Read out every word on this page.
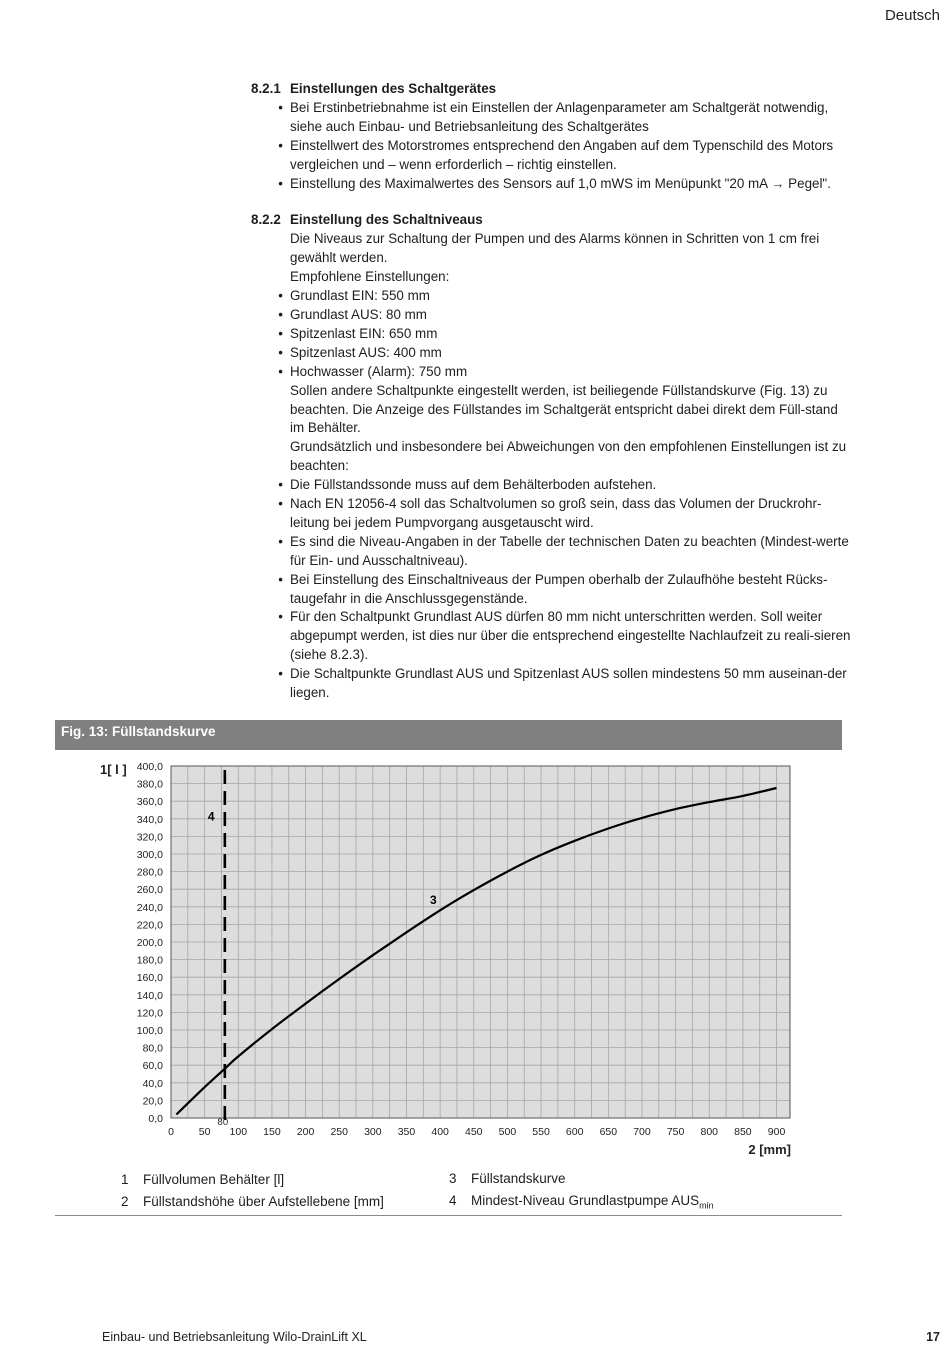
Deutsch
8.2.1 Einstellungen des Schaltgerätes
• Bei Erstinbetriebnahme ist ein Einstellen der Anlagenparameter am Schaltgerät notwendig, siehe auch Einbau- und Betriebsanleitung des Schaltgerätes
• Einstellwert des Motorstromes entsprechend den Angaben auf dem Typenschild des Motors vergleichen und – wenn erforderlich – richtig einstellen.
• Einstellung des Maximalwertes des Sensors auf 1,0 mWS im Menüpunkt "20 mA → Pegel".
8.2.2 Einstellung des Schaltniveaus
Die Niveaus zur Schaltung der Pumpen und des Alarms können in Schritten von 1 cm frei gewählt werden.
Empfohlene Einstellungen:
• Grundlast EIN: 550 mm
• Grundlast AUS: 80 mm
• Spitzenlast EIN: 650 mm
• Spitzenlast AUS: 400 mm
• Hochwasser (Alarm): 750 mm
Sollen andere Schaltpunkte eingestellt werden, ist beiliegende Füllstandskurve (Fig. 13) zu beachten. Die Anzeige des Füllstandes im Schaltgerät entspricht dabei direkt dem Füll-stand im Behälter.
Grundsätzlich und insbesondere bei Abweichungen von den empfohlenen Einstellungen ist zu beachten:
• Die Füllstandssonde muss auf dem Behälterboden aufstehen.
• Nach EN 12056-4 soll das Schaltvolumen so groß sein, dass das Volumen der Druckrohr-leitung bei jedem Pumpvorgang ausgetauscht wird.
• Es sind die Niveau-Angaben in der Tabelle der technischen Daten zu beachten (Mindest-werte für Ein- und Ausschaltniveau).
• Bei Einstellung des Einschaltniveaus der Pumpen oberhalb der Zulaufhöhe besteht Rücks-taugefahr in die Anschlussgegenstände.
• Für den Schaltpunkt Grundlast AUS dürfen 80 mm nicht unterschritten werden. Soll weiter abgepumpt werden, ist dies nur über die entsprechend eingestellte Nachlaufzeit zu reali-sieren (siehe 8.2.3).
• Die Schaltpunkte Grundlast AUS und Spitzenlast AUS sollen mindestens 50 mm auseinan-der liegen.
Fig. 13: Füllstandskurve
0,0
20,0
40,0
60,0
80,0
100,0
120,0
140,0
160,0
180,0
200,0
220,0
240,0
260,0
280,0
300,0
320,0
340,0
360,0
380,0
400,0
0 50 100 150 200 250 300 350 400 450 500 550 600 650 700 750 800 850 900
1[ l ]
2 [mm]
4
80
3
1 Füllvolumen Behälter [l]
2 Füllstandshöhe über Aufstellebene [mm]
3 Füllstandskurve
4 Mindest-Niveau Grundlastpumpe $AUS_{min}$
Einbau- und Betriebsanleitung Wilo-DrainLift XL	17
